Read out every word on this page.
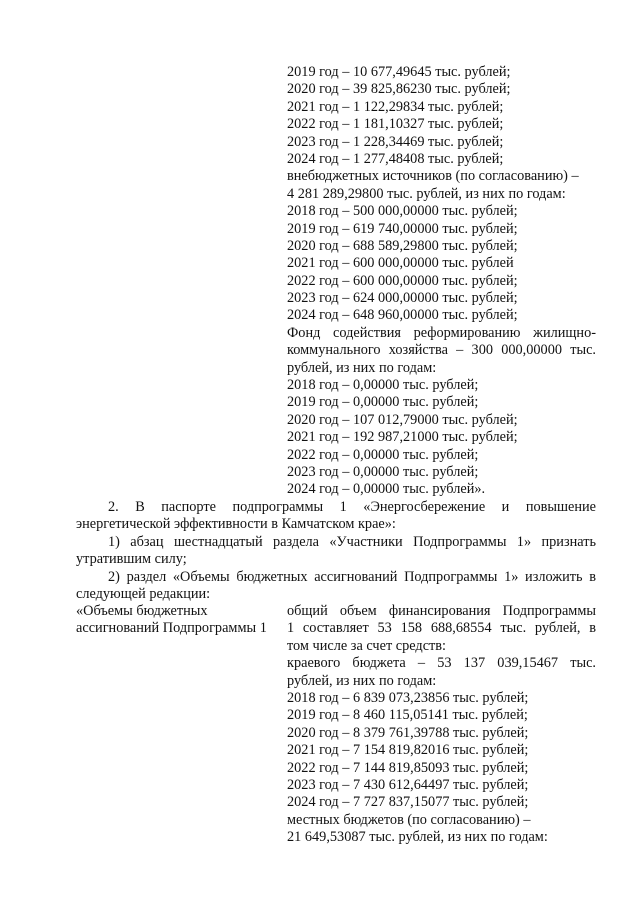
2019 год – 10 677,49645 тыс. рублей;
2020 год – 39 825,86230 тыс. рублей;
2021 год – 1 122,29834 тыс. рублей;
2022 год – 1 181,10327 тыс. рублей;
2023 год – 1 228,34469 тыс. рублей;
2024 год – 1 277,48408 тыс. рублей;
внебюджетных источников (по согласованию) –
4 281 289,29800 тыс. рублей, из них по годам:
2018 год – 500 000,00000 тыс. рублей;
2019 год – 619 740,00000 тыс. рублей;
2020 год – 688 589,29800 тыс. рублей;
2021 год – 600 000,00000 тыс. рублей
2022 год – 600 000,00000 тыс. рублей;
2023 год – 624 000,00000 тыс. рублей;
2024 год – 648 960,00000 тыс. рублей;
Фонд содействия реформированию жилищно-
коммунального хозяйства – 300 000,00000 тыс.
рублей, из них по годам:
2018 год – 0,00000 тыс. рублей;
2019 год – 0,00000 тыс. рублей;
2020 год – 107 012,79000 тыс. рублей;
2021 год – 192 987,21000 тыс. рублей;
2022 год – 0,00000 тыс. рублей;
2023 год – 0,00000 тыс. рублей;
2024 год – 0,00000 тыс. рублей».
2. В паспорте подпрограммы 1 «Энергосбережение и повышение энергетической эффективности в Камчатском крае»:
1) абзац шестнадцатый раздела «Участники Подпрограммы 1» признать утратившим силу;
2) раздел «Объемы бюджетных ассигнований Подпрограммы 1» изложить в следующей редакции:
«Объемы бюджетных
ассигнований Подпрограммы 1
общий объем финансирования Подпрограммы
1 составляет 53 158 688,68554 тыс. рублей, в
том числе за счет средств:
краевого бюджета – 53 137 039,15467 тыс.
рублей, из них по годам:
2018 год – 6 839 073,23856 тыс. рублей;
2019 год – 8 460 115,05141 тыс. рублей;
2020 год – 8 379 761,39788 тыс. рублей;
2021 год – 7 154 819,82016 тыс. рублей;
2022 год – 7 144 819,85093 тыс. рублей;
2023 год – 7 430 612,64497 тыс. рублей;
2024 год – 7 727 837,15077 тыс. рублей;
местных бюджетов (по согласованию) –
21 649,53087 тыс. рублей, из них по годам:
